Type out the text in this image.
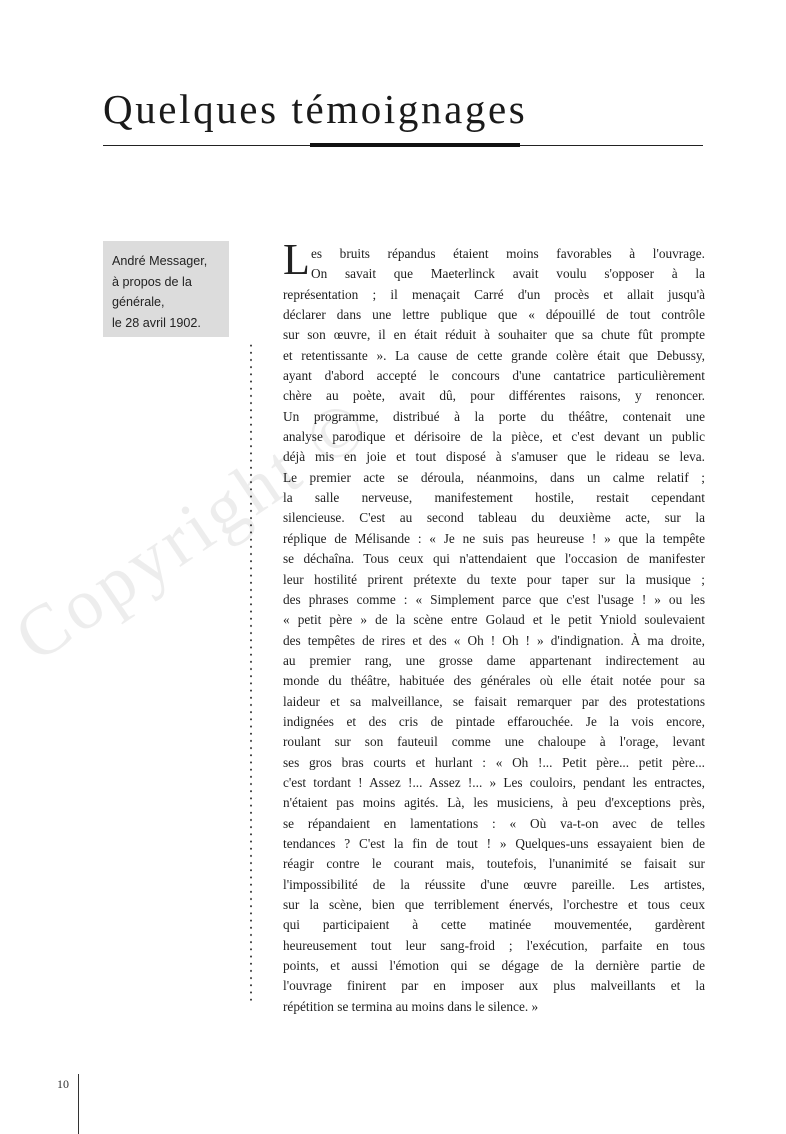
Copyright ©
Quelques témoignages
André Messager,
à propos de la
générale,
le 28 avril 1902.
L es bruits répandus étaient moins favorables à l'ouvrage.
On savait que Maeterlinck avait voulu s'opposer à la
représentation ; il menaçait Carré d'un procès et allait jusqu'à
déclarer dans une lettre publique que « dépouillé de tout contrôle
sur son œuvre, il en était réduit à souhaiter que sa chute fût prompte
et retentissante ». La cause de cette grande colère était que Debussy,
ayant d'abord accepté le concours d'une cantatrice particulièrement
chère au poète, avait dû, pour différentes raisons, y renoncer.
Un programme, distribué à la porte du théâtre, contenait une
analyse parodique et dérisoire de la pièce, et c'est devant un public
déjà mis en joie et tout disposé à s'amuser que le rideau se leva.
Le premier acte se déroula, néanmoins, dans un calme relatif ;
la salle nerveuse, manifestement hostile, restait cependant
silencieuse. C'est au second tableau du deuxième acte, sur la
réplique de Mélisande : « Je ne suis pas heureuse ! » que la tempête
se déchaîna. Tous ceux qui n'attendaient que l'occasion de manifester
leur hostilité prirent prétexte du texte pour taper sur la musique ;
des phrases comme : « Simplement parce que c'est l'usage ! » ou les
« petit père » de la scène entre Golaud et le petit Yniold soulevaient
des tempêtes de rires et des « Oh ! Oh ! » d'indignation. À ma droite,
au premier rang, une grosse dame appartenant indirectement au
monde du théâtre, habituée des générales où elle était notée pour sa
laideur et sa malveillance, se faisait remarquer par des protestations
indignées et des cris de pintade effarouchée. Je la vois encore,
roulant sur son fauteuil comme une chaloupe à l'orage, levant
ses gros bras courts et hurlant : « Oh !... Petit père... petit père...
c'est tordant ! Assez !... Assez !... » Les couloirs, pendant les entractes,
n'étaient pas moins agités. Là, les musiciens, à peu d'exceptions près,
se répandaient en lamentations : « Où va-t-on avec de telles
tendances ? C'est la fin de tout ! » Quelques-uns essayaient bien de
réagir contre le courant mais, toutefois, l'unanimité se faisait sur
l'impossibilité de la réussite d'une œuvre pareille. Les artistes,
sur la scène, bien que terriblement énervés, l'orchestre et tous ceux
qui participaient à cette matinée mouvementée, gardèrent
heureusement tout leur sang-froid ; l'exécution, parfaite en tous
points, et aussi l'émotion qui se dégage de la dernière partie de
l'ouvrage finirent par en imposer aux plus malveillants et la
répétition se termina au moins dans le silence. »
10
